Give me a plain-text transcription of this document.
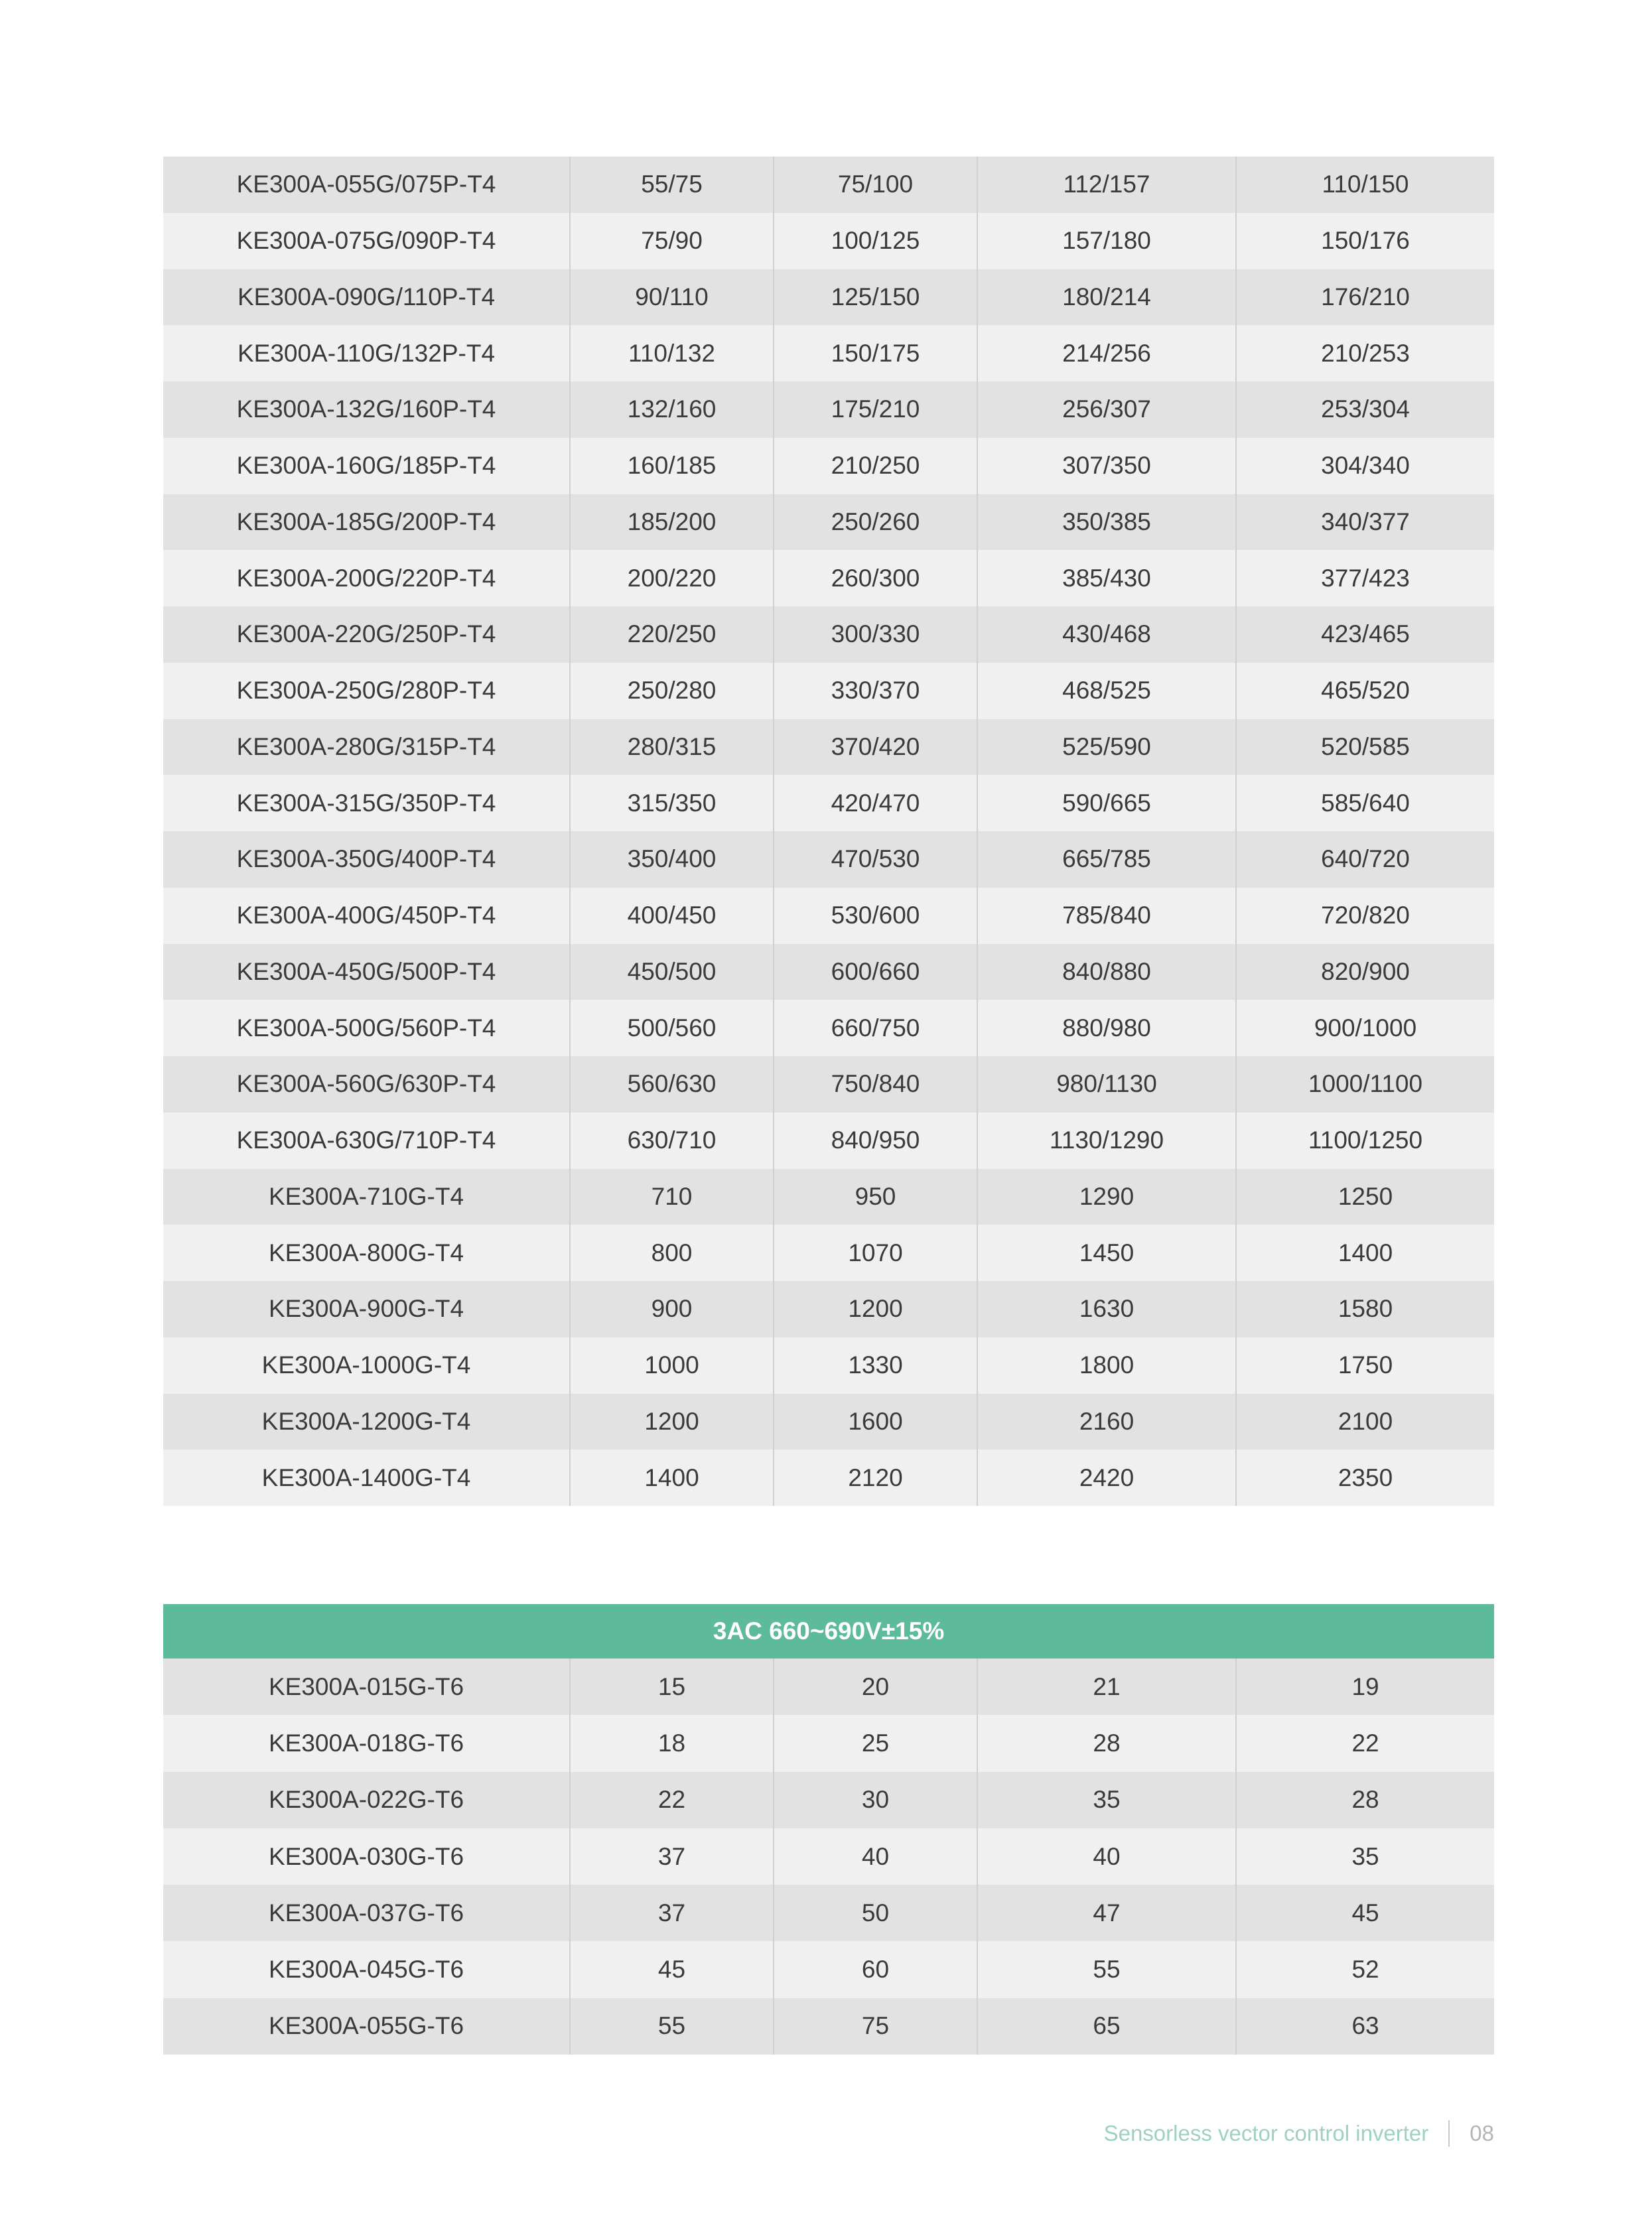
KE300A-055G/075P-T4	55/75	75/100	112/157	110/150
KE300A-075G/090P-T4	75/90	100/125	157/180	150/176
KE300A-090G/110P-T4	90/110	125/150	180/214	176/210
KE300A-110G/132P-T4	110/132	150/175	214/256	210/253
KE300A-132G/160P-T4	132/160	175/210	256/307	253/304
KE300A-160G/185P-T4	160/185	210/250	307/350	304/340
KE300A-185G/200P-T4	185/200	250/260	350/385	340/377
KE300A-200G/220P-T4	200/220	260/300	385/430	377/423
KE300A-220G/250P-T4	220/250	300/330	430/468	423/465
KE300A-250G/280P-T4	250/280	330/370	468/525	465/520
KE300A-280G/315P-T4	280/315	370/420	525/590	520/585
KE300A-315G/350P-T4	315/350	420/470	590/665	585/640
KE300A-350G/400P-T4	350/400	470/530	665/785	640/720
KE300A-400G/450P-T4	400/450	530/600	785/840	720/820
KE300A-450G/500P-T4	450/500	600/660	840/880	820/900
KE300A-500G/560P-T4	500/560	660/750	880/980	900/1000
KE300A-560G/630P-T4	560/630	750/840	980/1130	1000/1100
KE300A-630G/710P-T4	630/710	840/950	1130/1290	1100/1250
KE300A-710G-T4	710	950	1290	1250
KE300A-800G-T4	800	1070	1450	1400
KE300A-900G-T4	900	1200	1630	1580
KE300A-1000G-T4	1000	1330	1800	1750
KE300A-1200G-T4	1200	1600	2160	2100
KE300A-1400G-T4	1400	2120	2420	2350
3AC 660~690V±15%				
KE300A-015G-T6	15	20	21	19
KE300A-018G-T6	18	25	28	22
KE300A-022G-T6	22	30	35	28
KE300A-030G-T6	37	40	40	35
KE300A-037G-T6	37	50	47	45
KE300A-045G-T6	45	60	55	52
KE300A-055G-T6	55	75	65	63
Sensorless vector control inverter 08
